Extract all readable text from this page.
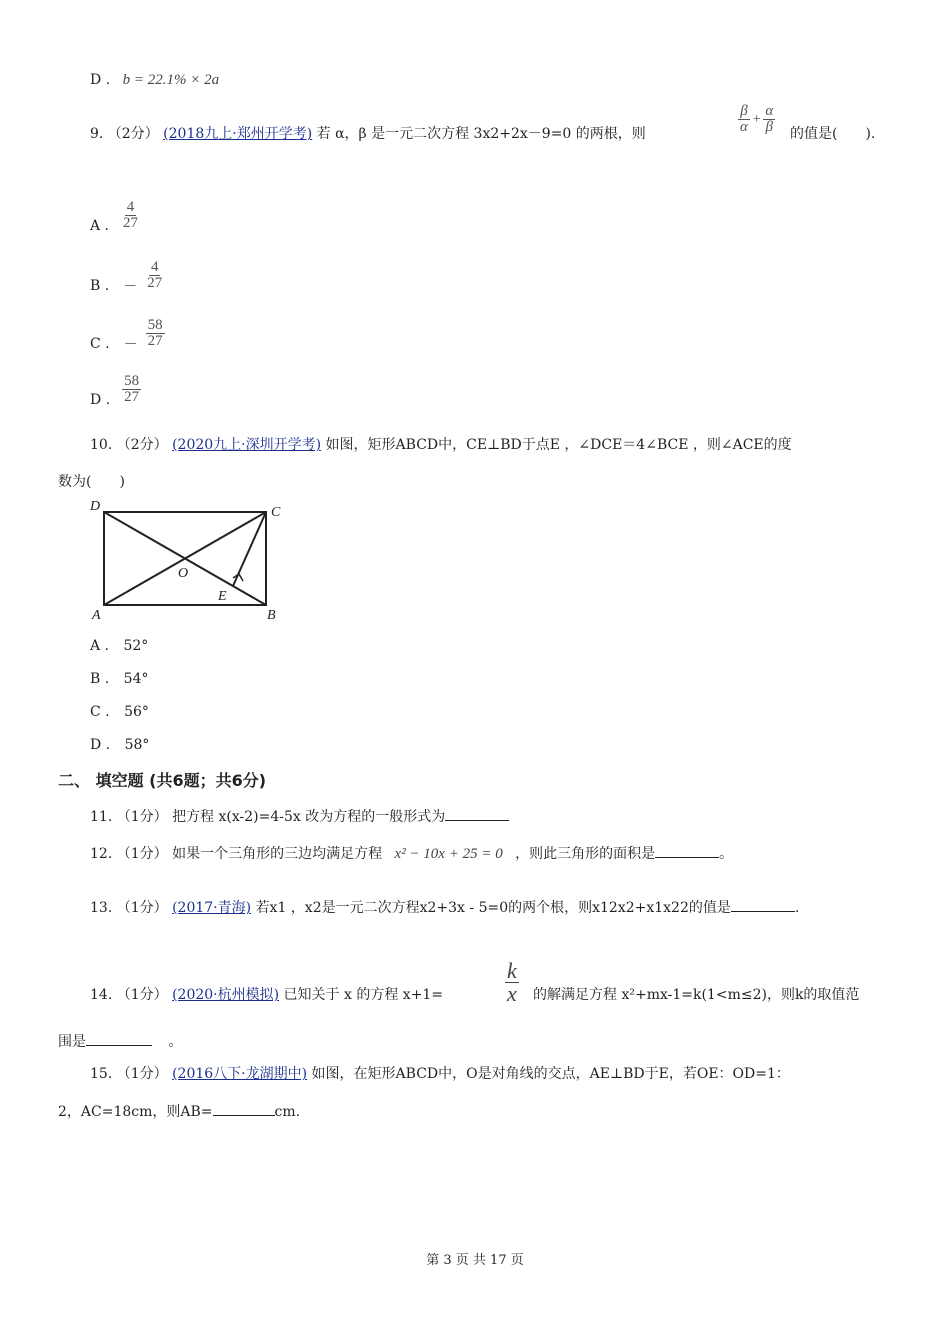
D . b = 22.1% × 2a
9. （2分） (2018九上·郑州开学考) 若 α，β 是一元二次方程 3x2+2x－9=0 的两根，则	$\frac{\beta}{\alpha} + \frac{\alpha}{\beta}$ 的值是(　　).
A . $\frac{4}{27}$
B . － $\frac{4}{27}$
C . － $\frac{58}{27}$
D . $\frac{58}{27}$
10. （2分） (2020九上·深圳开学考) 如图，矩形ABCD中，CE⊥BD于点E ，∠DCE＝4∠BCE ，则∠ACE的度
数为(　　)
D	C
O
E
A	B
A . 52°
B . 54°
C . 56°
D . 58°
二、 填空题 (共6题；共6分)
11. （1分） 把方程 x(x-2)=4-5x 改为方程的一般形式为
12. （1分） 如果一个三角形的三边均满足方程 x² − 10x + 25 = 0 ，则此三角形的面积是	。
13. （1分） (2017·青海) 若x1 ，x2是一元二次方程x2+3x - 5=0的两个根，则x12x2+x1x22的值是	.
14. （1分） (2020·杭州模拟) 已知关于 x 的方程 x+1=	$\frac{k}{x}$ 的解满足方程 x²+mx-1=k(1<m≤2)，则k的取值范
围是	。
15. （1分） (2016八下·龙湖期中) 如图，在矩形ABCD中，O是对角线的交点，AE⊥BD于E，若OE：OD=1：
2，AC=18cm，则AB=	cm.
第 3 页 共 17 页
